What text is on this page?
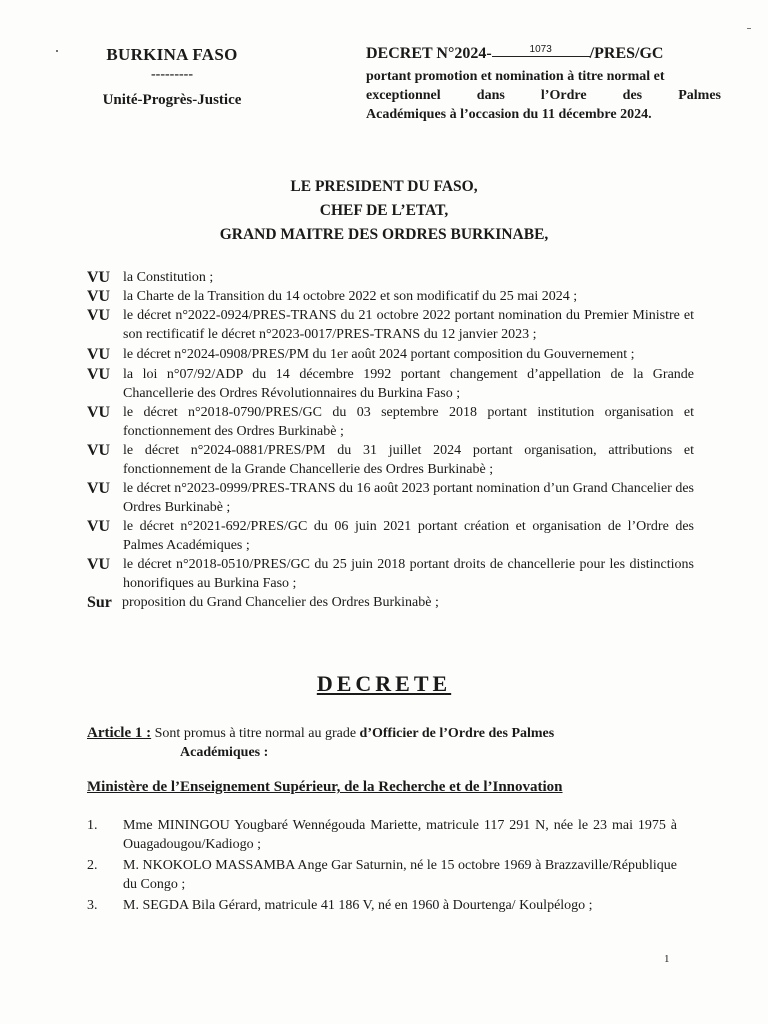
BURKINA FASO
---------
Unité-Progrès-Justice
DECRET N°2024-	1073 /PRES/GC
portant promotion et nomination à titre normal et
exceptionnel dans l’Ordre des Palmes
Académiques à l’occasion du 11 décembre 2024.
LE PRESIDENT DU FASO,
CHEF DE L’ETAT,
GRAND MAITRE DES ORDRES BURKINABE,
VU la Constitution ;
VU la Charte de la Transition du 14 octobre 2022 et son modificatif du 25 mai 2024 ;
VU le décret n°2022-0924/PRES-TRANS du 21 octobre 2022 portant nomination du Premier Ministre et son rectificatif le décret n°2023-0017/PRES-TRANS du 12 janvier 2023 ;
VU le décret n°2024-0908/PRES/PM du 1er août 2024 portant composition du Gouvernement ;
VU la loi n°07/92/ADP du 14 décembre 1992 portant changement d’appellation de la Grande Chancellerie des Ordres Révolutionnaires du Burkina Faso ;
VU le décret n°2018-0790/PRES/GC du 03 septembre 2018 portant institution organisation et fonctionnement des Ordres Burkinabè ;
VU le décret n°2024-0881/PRES/PM du 31 juillet 2024 portant organisation, attributions et fonctionnement de la Grande Chancellerie des Ordres Burkinabè ;
VU le décret n°2023-0999/PRES-TRANS du 16 août 2023 portant nomination d’un Grand Chancelier des Ordres Burkinabè ;
VU le décret n°2021-692/PRES/GC du 06 juin 2021 portant création et organisation de l’Ordre des Palmes Académiques ;
VU le décret n°2018-0510/PRES/GC du 25 juin 2018 portant droits de chancellerie pour les distinctions honorifiques au Burkina Faso ;
Sur proposition du Grand Chancelier des Ordres Burkinabè ;
DECRETE
Article 1 : Sont promus à titre normal au grade d’Officier de l’Ordre des Palmes
Académiques :
Ministère de l’Enseignement Supérieur, de la Recherche et de l’Innovation
1.	Mme MININGOU Yougbaré Wennégouda Mariette, matricule 117 291 N, née le 23 mai 1975 à Ouagadougou/Kadiogo ;
2.	M. NKOKOLO MASSAMBA Ange Gar Saturnin, né le 15 octobre 1969 à Brazzaville/République du Congo ;
3.	M. SEGDA Bila Gérard, matricule 41 186 V, né en 1960 à Dourtenga/ Koulpélogo ;
1
